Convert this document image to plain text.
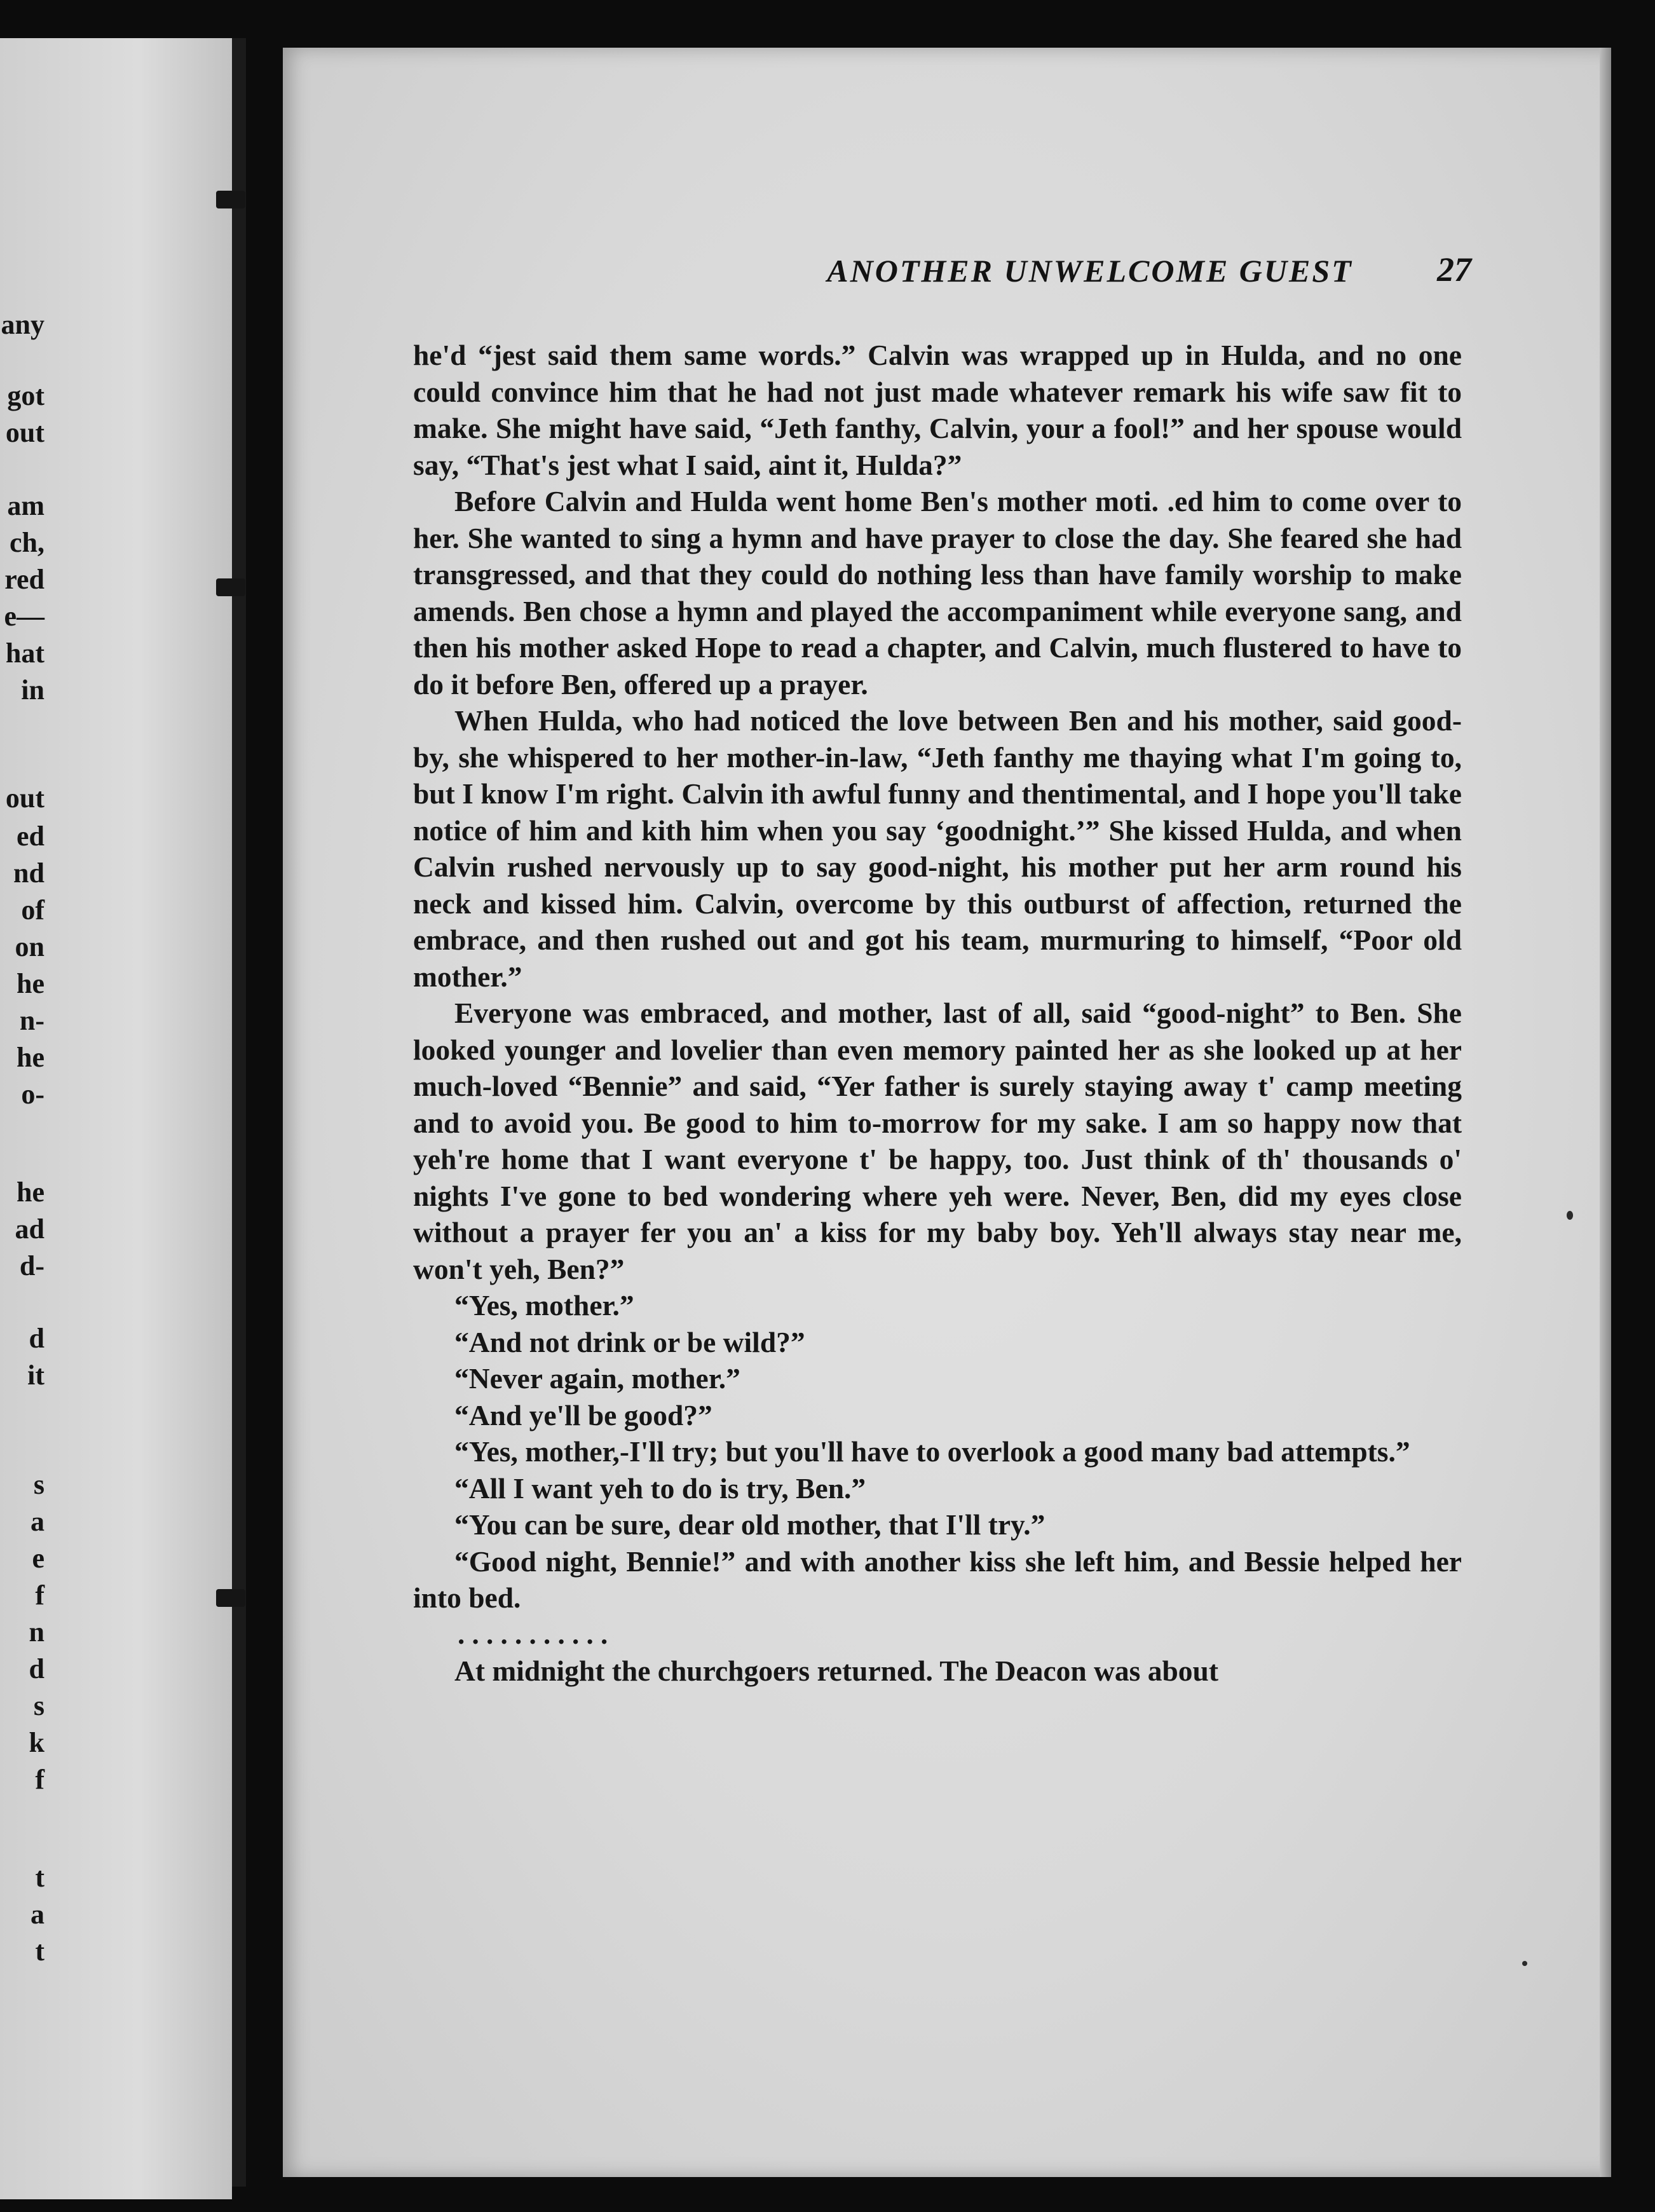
any
got
out
am
ch,
red
e—
hat
in
out
ed
nd
of
on
he
n-
he
o-
he
ad
d-
d
it
s
a
e
f
n
d
s
k
f
t
a
t
ANOTHER UNWELCOME GUEST	27

he'd “jest said them same words.” Calvin was wrapped up in Hulda, and no one could convince him that he had not just made whatever remark his wife saw fit to make. She might have said, “Jeth fanthy, Calvin, your a fool!” and her spouse would say, “That's jest what I said, aint it, Hulda?”

Before Calvin and Hulda went home Ben's mother moti. .ed him to come over to her. She wanted to sing a hymn and have prayer to close the day. She feared she had transgressed, and that they could do nothing less than have family worship to make amends. Ben chose a hymn and played the accompaniment while everyone sang, and then his mother asked Hope to read a chapter, and Calvin, much flustered to have to do it before Ben, offered up a prayer.

When Hulda, who had noticed the love between Ben and his mother, said good-by, she whispered to her mother-in-law, “Jeth fanthy me thaying what I'm going to, but I know I'm right. Calvin ith awful funny and thentimental, and I hope you'll take notice of him and kith him when you say ‘goodnight.’” She kissed Hulda, and when Calvin rushed nervously up to say good-night, his mother put her arm round his neck and kissed him. Calvin, overcome by this outburst of affection, returned the embrace, and then rushed out and got his team, murmuring to himself, “Poor old mother.”

Everyone was embraced, and mother, last of all, said “good-night” to Ben. She looked younger and lovelier than even memory painted her as she looked up at her much-loved “Bennie” and said, “Yer father is surely staying away t' camp meeting and to avoid you. Be good to him to-morrow for my sake. I am so happy now that yeh're home that I want everyone t' be happy, too. Just think of th' thousands o' nights I've gone to bed wondering where yeh were. Never, Ben, did my eyes close without a prayer fer you an' a kiss for my baby boy. Yeh'll always stay near me, won't yeh, Ben?”

“Yes, mother.”

“And not drink or be wild?”

“Never again, mother.”

“And ye'll be good?”

“Yes, mother,-I'll try; but you'll have to overlook a good many bad attempts.”

“All I want yeh to do is try, Ben.”

“You can be sure, dear old mother, that I'll try.”

“Good night, Bennie!” and with another kiss she left him, and Bessie helped her into bed.

. . . . . . . . . . .

At midnight the churchgoers returned. The Deacon was about
